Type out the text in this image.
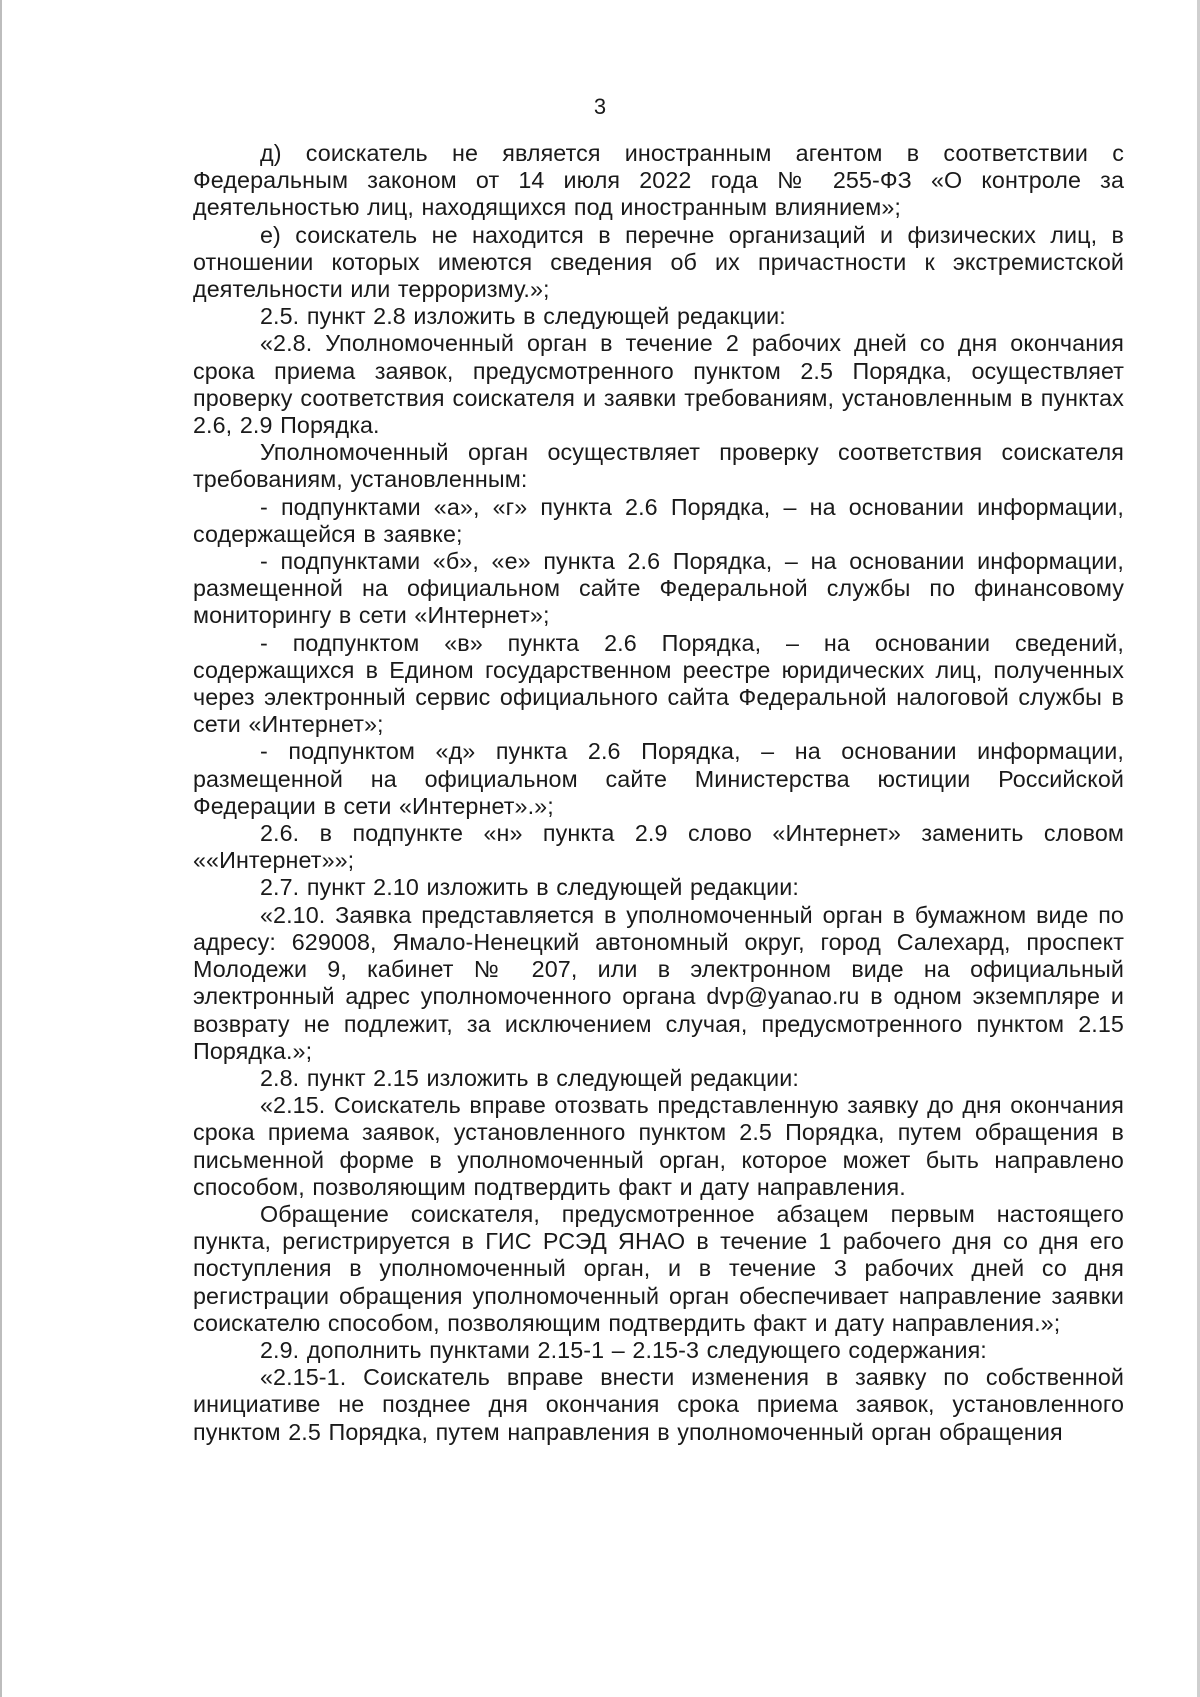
3

д) соискатель не является иностранным агентом в соответствии с Федеральным законом от 14 июля 2022 года № 255-ФЗ «О контроле за деятельностью лиц, находящихся под иностранным влиянием»;

е) соискатель не находится в перечне организаций и физических лиц, в отношении которых имеются сведения об их причастности к экстремистской деятельности или терроризму.»;

2.5. пункт 2.8 изложить в следующей редакции:

«2.8. Уполномоченный орган в течение 2 рабочих дней со дня окончания срока приема заявок, предусмотренного пунктом 2.5 Порядка, осуществляет проверку соответствия соискателя и заявки требованиям, установленным в пунктах 2.6, 2.9 Порядка.

Уполномоченный орган осуществляет проверку соответствия соискателя требованиям, установленным:

- подпунктами «а», «г» пункта 2.6 Порядка, – на основании информации, содержащейся в заявке;

- подпунктами «б», «е» пункта 2.6 Порядка, – на основании информации, размещенной на официальном сайте Федеральной службы по финансовому мониторингу в сети «Интернет»;

- подпунктом «в» пункта 2.6 Порядка, – на основании сведений, содержащихся в Едином государственном реестре юридических лиц, полученных через электронный сервис официального сайта Федеральной налоговой службы в сети «Интернет»;

- подпунктом «д» пункта 2.6 Порядка, – на основании информации, размещенной на официальном сайте Министерства юстиции Российской Федерации в сети «Интернет».»;

2.6. в подпункте «н» пункта 2.9 слово «Интернет» заменить словом ««Интернет»»;

2.7. пункт 2.10 изложить в следующей редакции:

«2.10. Заявка представляется в уполномоченный орган в бумажном виде по адресу: 629008, Ямало-Ненецкий автономный округ, город Салехард, проспект Молодежи 9, кабинет № 207, или в электронном виде на официальный электронный адрес уполномоченного органа dvp@yanao.ru в одном экземпляре и возврату не подлежит, за исключением случая, предусмотренного пунктом 2.15 Порядка.»;

2.8. пункт 2.15 изложить в следующей редакции:

«2.15. Соискатель вправе отозвать представленную заявку до дня окончания срока приема заявок, установленного пунктом 2.5 Порядка, путем обращения в письменной форме в уполномоченный орган, которое может быть направлено способом, позволяющим подтвердить факт и дату направления.

Обращение соискателя, предусмотренное абзацем первым настоящего пункта, регистрируется в ГИС РСЭД ЯНАО в течение 1 рабочего дня со дня его поступления в уполномоченный орган, и в течение 3 рабочих дней со дня регистрации обращения уполномоченный орган обеспечивает направление заявки соискателю способом, позволяющим подтвердить факт и дату направления.»;

2.9. дополнить пунктами 2.15-1 – 2.15-3 следующего содержания:

«2.15-1. Соискатель вправе внести изменения в заявку по собственной инициативе не позднее дня окончания срока приема заявок, установленного пунктом 2.5 Порядка, путем направления в уполномоченный орган обращения
